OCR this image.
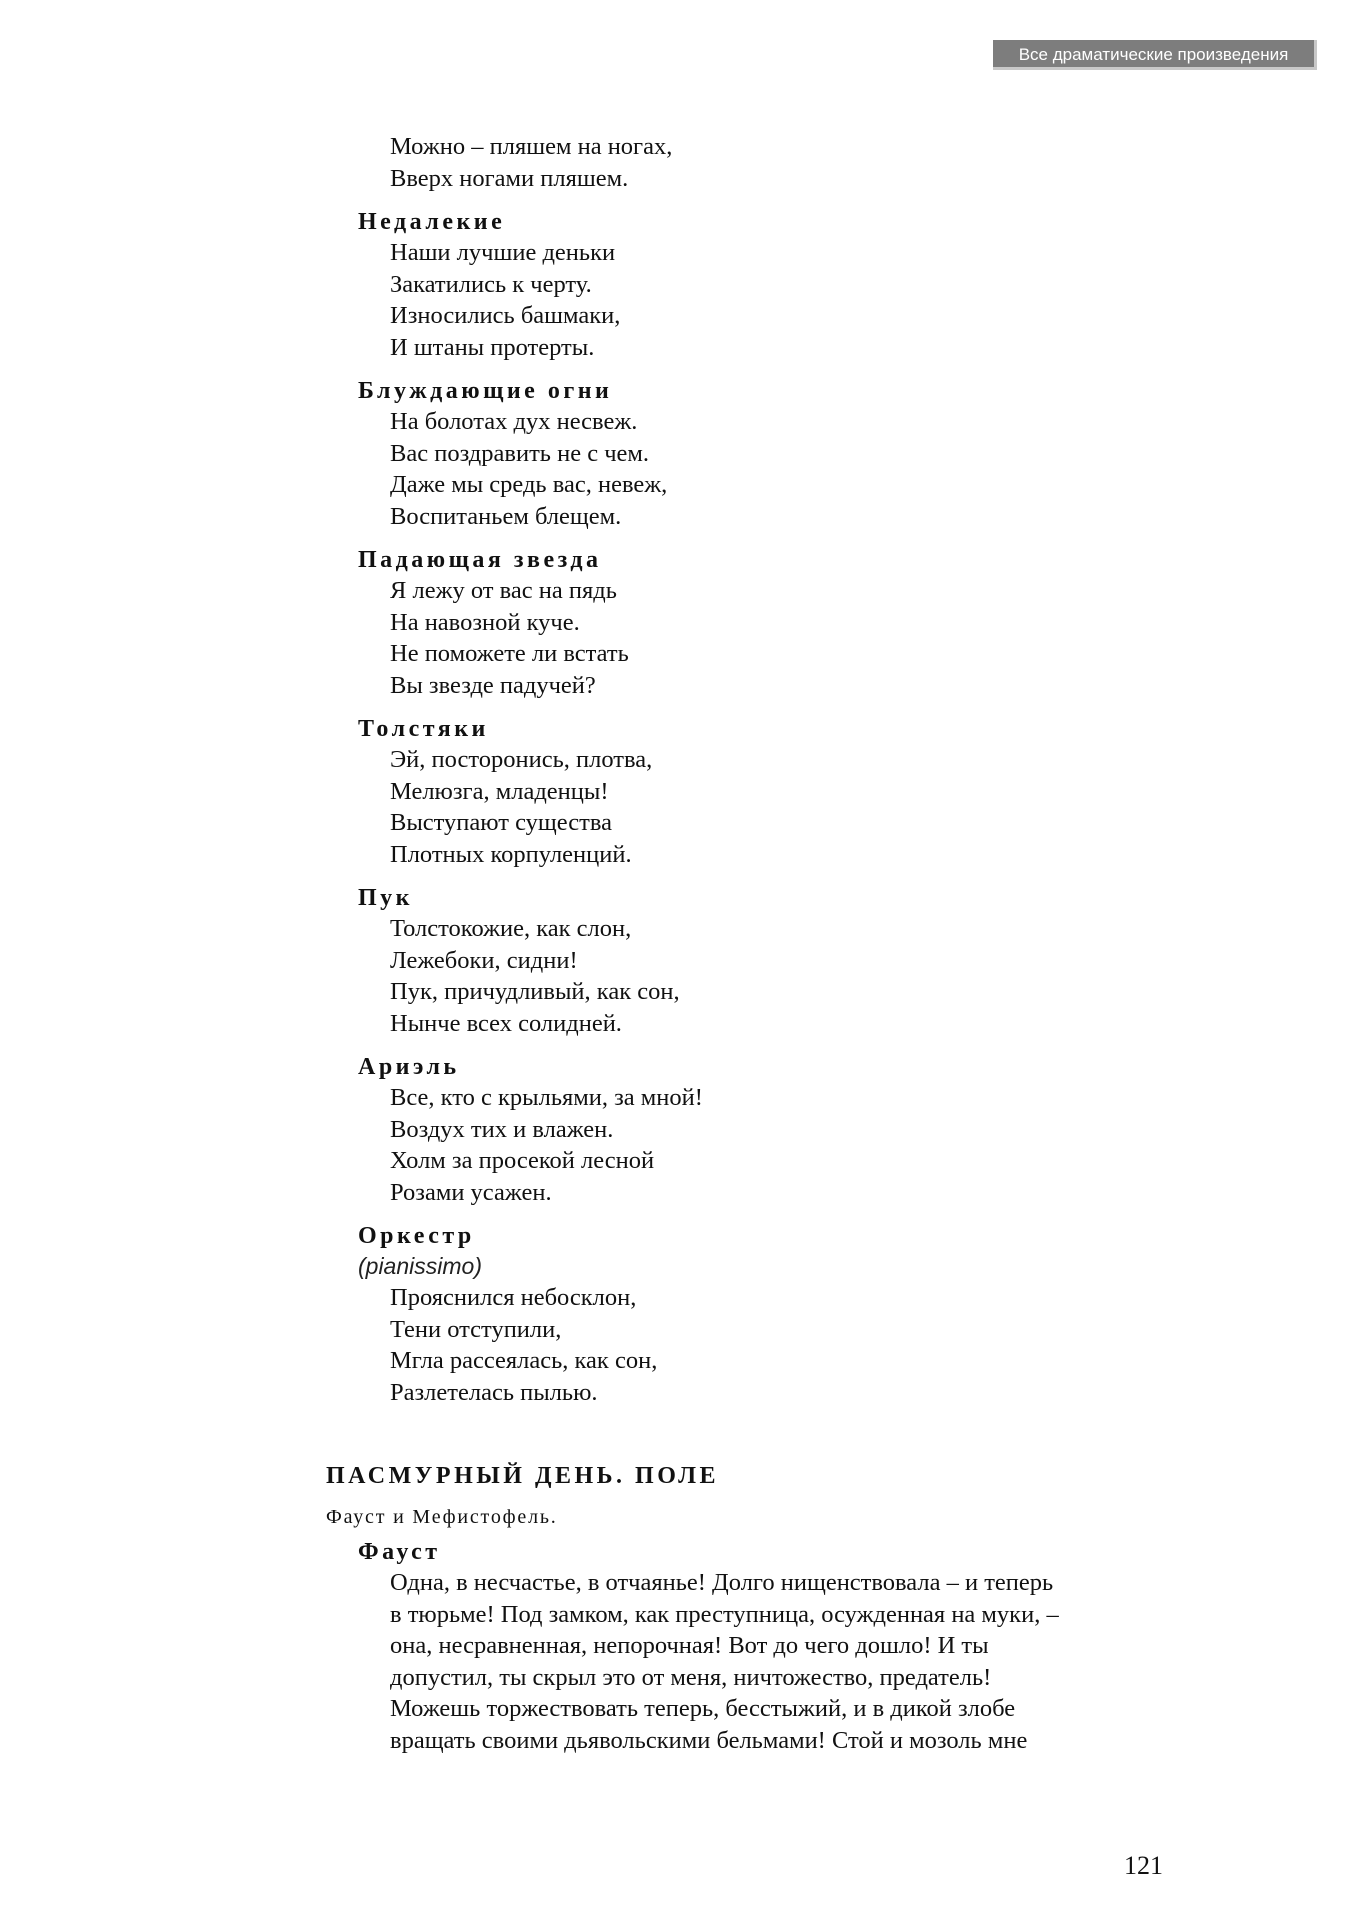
Все драматические произведения
Можно – пляшем на ногах,
Вверх ногами пляшем.
Недалекие
Наши лучшие деньки
Закатились к черту.
Износились башмаки,
И штаны протерты.
Блуждающие огни
На болотах дух несвеж.
Вас поздравить не с чем.
Даже мы средь вас, невеж,
Воспитаньем блещем.
Падающая звезда
Я лежу от вас на пядь
На навозной куче.
Не поможете ли встать
Вы звезде падучей?
Толстяки
Эй, посторонись, плотва,
Мелюзга, младенцы!
Выступают существа
Плотных корпуленций.
Пук
Толстокожие, как слон,
Лежебоки, сидни!
Пук, причудливый, как сон,
Нынче всех солидней.
Ариэль
Все, кто с крыльями, за мной!
Воздух тих и влажен.
Холм за просекой лесной
Розами усажен.
Оркестр
(pianissimo)
Прояснился небосклон,
Тени отступили,
Мгла рассеялась, как сон,
Разлетелась пылью.
ПАСМУРНЫЙ ДЕНЬ. ПОЛЕ
Фауст и Мефистофель.
Фауст
Одна, в несчастье, в отчаянье! Долго нищенствовала – и теперь
в тюрьме! Под замком, как преступница, осужденная на муки, –
она, несравненная, непорочная! Вот до чего дошло! И ты
допустил, ты скрыл это от меня, ничтожество, предатель!
Можешь торжествовать теперь, бесстыжий, и в дикой злобе
вращать своими дьявольскими бельмами! Стой и мозоль мне
121
